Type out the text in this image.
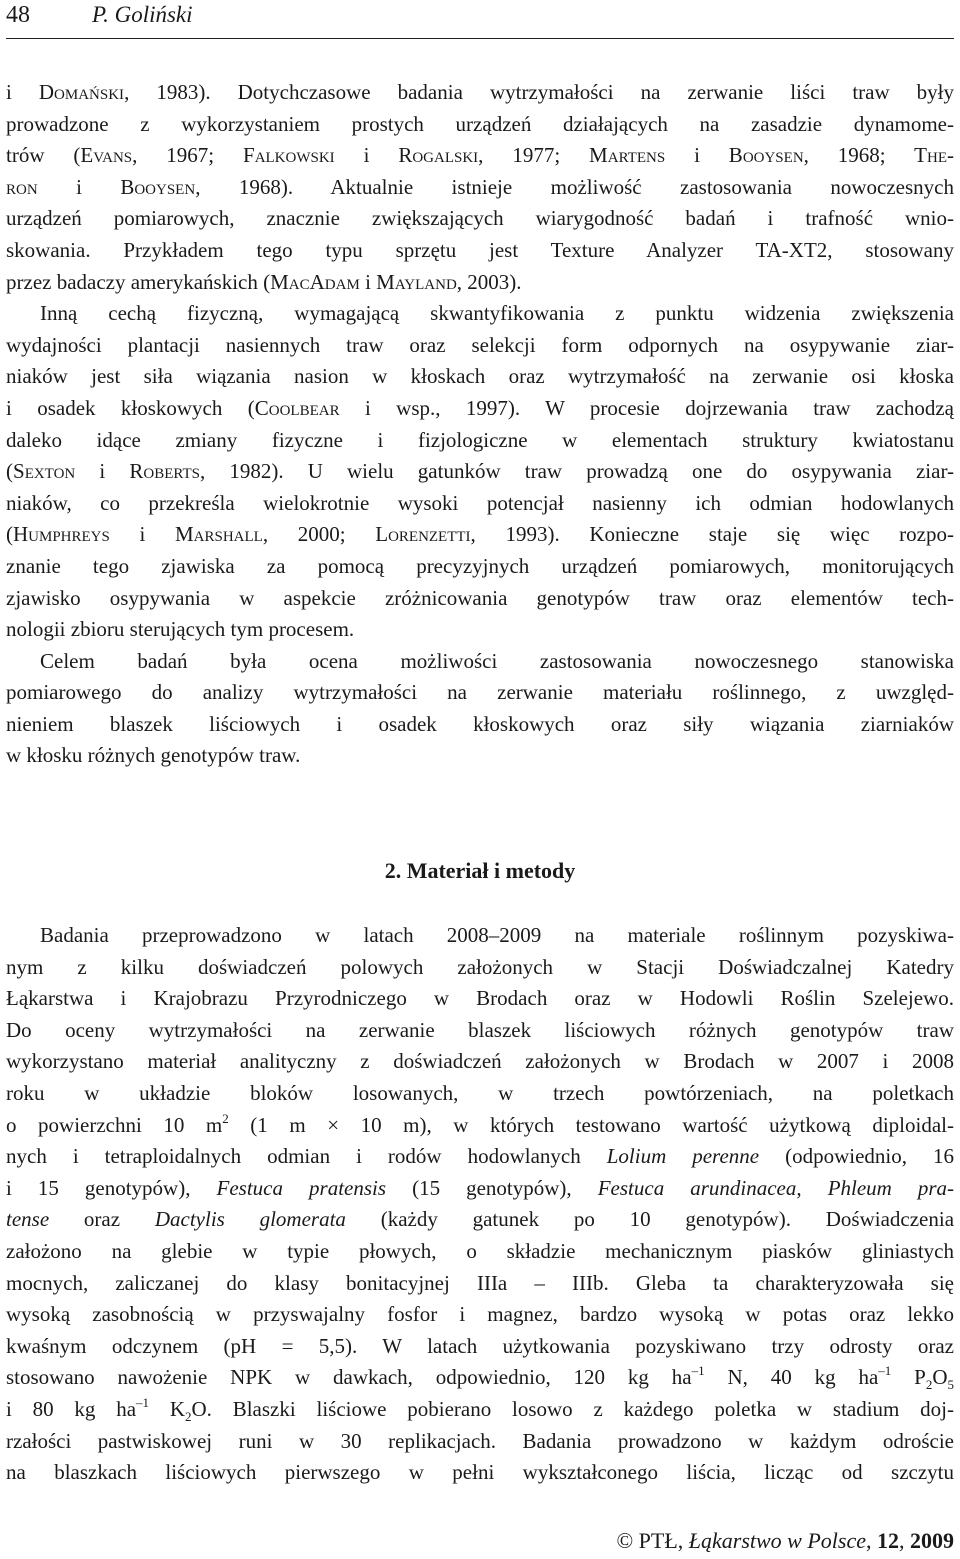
48	P. Goliński
i DOMAŃSKI, 1983). Dotychczasowe badania wytrzymałości na zerwanie liści traw były
prowadzone z wykorzystaniem prostych urządzeń działających na zasadzie dynamome-
trów (EVANS, 1967; FALKOWSKI i ROGALSKI, 1977; MARTENS i BOOYSEN, 1968; THE-
RON i BOOYSEN, 1968). Aktualnie istnieje możliwość zastosowania nowoczesnych
urządzeń pomiarowych, znacznie zwiększających wiarygodność badań i trafność wnio-
skowania. Przykładem tego typu sprzętu jest Texture Analyzer TA-XT2, stosowany
przez badaczy amerykańskich (MACADAM i MAYLAND, 2003).
Inną cechą fizyczną, wymagającą skwantyfikowania z punktu widzenia zwiększenia
wydajności plantacji nasiennych traw oraz selekcji form odpornych na osypywanie ziar-
niaków jest siła wiązania nasion w kłoskach oraz wytrzymałość na zerwanie osi kłoska
i osadek kłoskowych (COOLBEAR i wsp., 1997). W procesie dojrzewania traw zachodzą
daleko idące zmiany fizyczne i fizjologiczne w elementach struktury kwiatostanu
(SEXTON i ROBERTS, 1982). U wielu gatunków traw prowadzą one do osypywania ziar-
niaków, co przekreśla wielokrotnie wysoki potencjał nasienny ich odmian hodowlanych
(HUMPHREYS i MARSHALL, 2000; LORENZETTI, 1993). Konieczne staje się więc rozpo-
znanie tego zjawiska za pomocą precyzyjnych urządzeń pomiarowych, monitorujących
zjawisko osypywania w aspekcie zróżnicowania genotypów traw oraz elementów tech-
nologii zbioru sterujących tym procesem.
Celem badań była ocena możliwości zastosowania nowoczesnego stanowiska
pomiarowego do analizy wytrzymałości na zerwanie materiału roślinnego, z uwzględ-
nieniem blaszek liściowych i osadek kłoskowych oraz siły wiązania ziarniaków
w kłosku różnych genotypów traw.
2. Materiał i metody
Badania przeprowadzono w latach 2008–2009 na materiale roślinnym pozyskiwa-
nym z kilku doświadczeń polowych założonych w Stacji Doświadczalnej Katedry
Łąkarstwa i Krajobrazu Przyrodniczego w Brodach oraz w Hodowli Roślin Szelejewo.
Do oceny wytrzymałości na zerwanie blaszek liściowych różnych genotypów traw
wykorzystano materiał analityczny z doświadczeń założonych w Brodach w 2007 i 2008
roku w układzie bloków losowanych, w trzech powtórzeniach, na poletkach
o powierzchni 10 $m^2$ (1 m × 10 m), w których testowano wartość użytkową diploidal-
nych i tetraploidalnych odmian i rodów hodowlanych Lolium perenne (odpowiednio, 16
i 15 genotypów), Festuca pratensis (15 genotypów), Festuca arundinacea, Phleum pra-
tense oraz Dactylis glomerata (każdy gatunek po 10 genotypów). Doświadczenia
założono na glebie w typie płowych, o składzie mechanicznym piasków gliniastych
mocnych, zaliczanej do klasy bonitacyjnej IIIa – IIIb. Gleba ta charakteryzowała się
wysoką zasobnością w przyswajalny fosfor i magnez, bardzo wysoką w potas oraz lekko
kwaśnym odczynem (pH = 5,5). W latach użytkowania pozyskiwano trzy odrosty oraz
stosowano nawożenie NPK w dawkach, odpowiednio, 120 kg $ha^{-1}$ N, 40 kg $ha^{-1}$ $P_2O_5$
i 80 kg $ha^{-1}$ $K_2O$. Blaszki liściowe pobierano losowo z każdego poletka w stadium doj-
rzałości pastwiskowej runi w 30 replikacjach. Badania prowadzono w każdym odroście
na blaszkach liściowych pierwszego w pełni wykształconego liścia, licząc od szczytu
© PTŁ, Łąkarstwo w Polsce, 12, 2009
